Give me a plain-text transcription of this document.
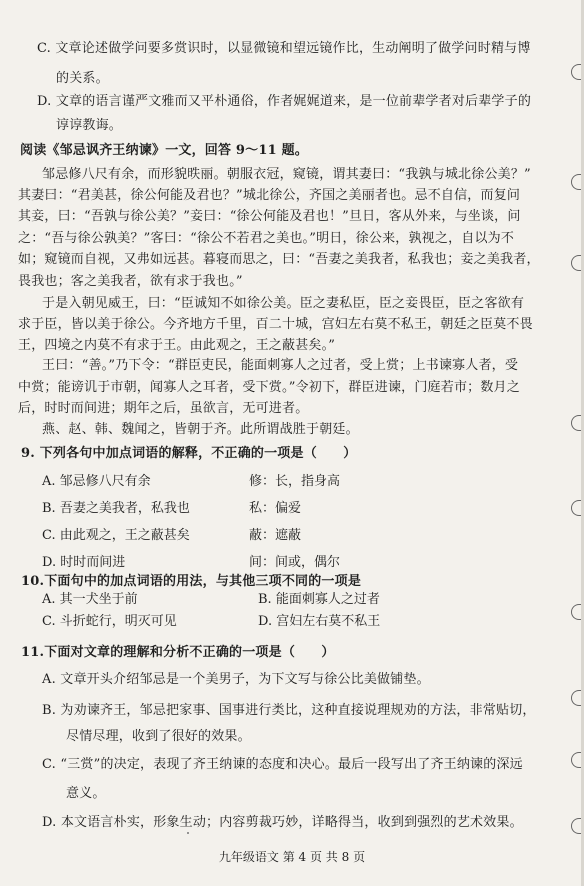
C. 文章论述做学问要多赏识时，以显微镜和望远镜作比，生动阐明了做学问时精与博
的关系。
D. 文章的语言谨严文雅而又平朴通俗，作者娓娓道来，是一位前辈学者对后辈学子的
谆谆教诲。
阅读《邹忌讽齐王纳谏》一文，回答 9～11 题。
邹忌修八尺有余，而形貌昳丽。朝服衣冠，窥镜，谓其妻曰：“我孰与城北徐公美？”
其妻曰：“君美甚，徐公何能及君也？”城北徐公，齐国之美丽者也。忌不自信，而复问
其妾，曰：“吾孰与徐公美？”妾曰：“徐公何能及君也！”旦日，客从外来，与坐谈，问
之：“吾与徐公孰美？”客曰：“徐公不若君之美也。”明日，徐公来，孰视之，自以为不
如；窥镜而自视，又弗如远甚。暮寝而思之，曰：“吾妻之美我者，私我也；妾之美我者，
畏我也；客之美我者，欲有求于我也。”
于是入朝见威王，曰：“臣诚知不如徐公美。臣之妻私臣，臣之妾畏臣，臣之客欲有
求于臣，皆以美于徐公。今齐地方千里，百二十城，宫妇左右莫不私王，朝廷之臣莫不畏
王，四境之内莫不有求于王。由此观之，王之蔽甚矣。”
王曰：“善。”乃下令：“群臣吏民，能面刺寡人之过者，受上赏；上书谏寡人者，受
中赏；能谤讥于市朝，闻寡人之耳者，受下赏。”令初下，群臣进谏，门庭若市；数月之
后，时时而间进；期年之后，虽欲言，无可进者。
燕、赵、韩、魏闻之，皆朝于齐。此所谓战胜于朝廷。
9. 下列各句中加点词语的解释，不正确的一项是（　　）
A. 邹忌修八尺有余	修：长，指身高
B. 吾妻之美我者，私我也	私：偏爱
C. 由此观之，王之蔽甚矣	蔽：遮蔽
D. 时时而间进	间：间或，偶尔
10.下面句中的加点词语的用法，与其他三项不同的一项是
A. 其一犬坐于前	B. 能面刺寡人之过者
C. 斗折蛇行，明灭可见	D. 宫妇左右莫不私王
11.下面对文章的理解和分析不正确的一项是（　　）
A. 文章开头介绍邹忌是一个美男子，为下文写与徐公比美做铺垫。
B. 为劝谏齐王，邹忌把家事、国事进行类比，这种直接说理规劝的方法，非常贴切，
尽情尽理，收到了很好的效果。
C. “三赏”的决定，表现了齐王纳谏的态度和决心。最后一段写出了齐王纳谏的深远
意义。
D. 本文语言朴实，形象生动；内容剪裁巧妙，详略得当，收到到强烈的艺术效果。
九年级语文 第 4 页 共 8 页
